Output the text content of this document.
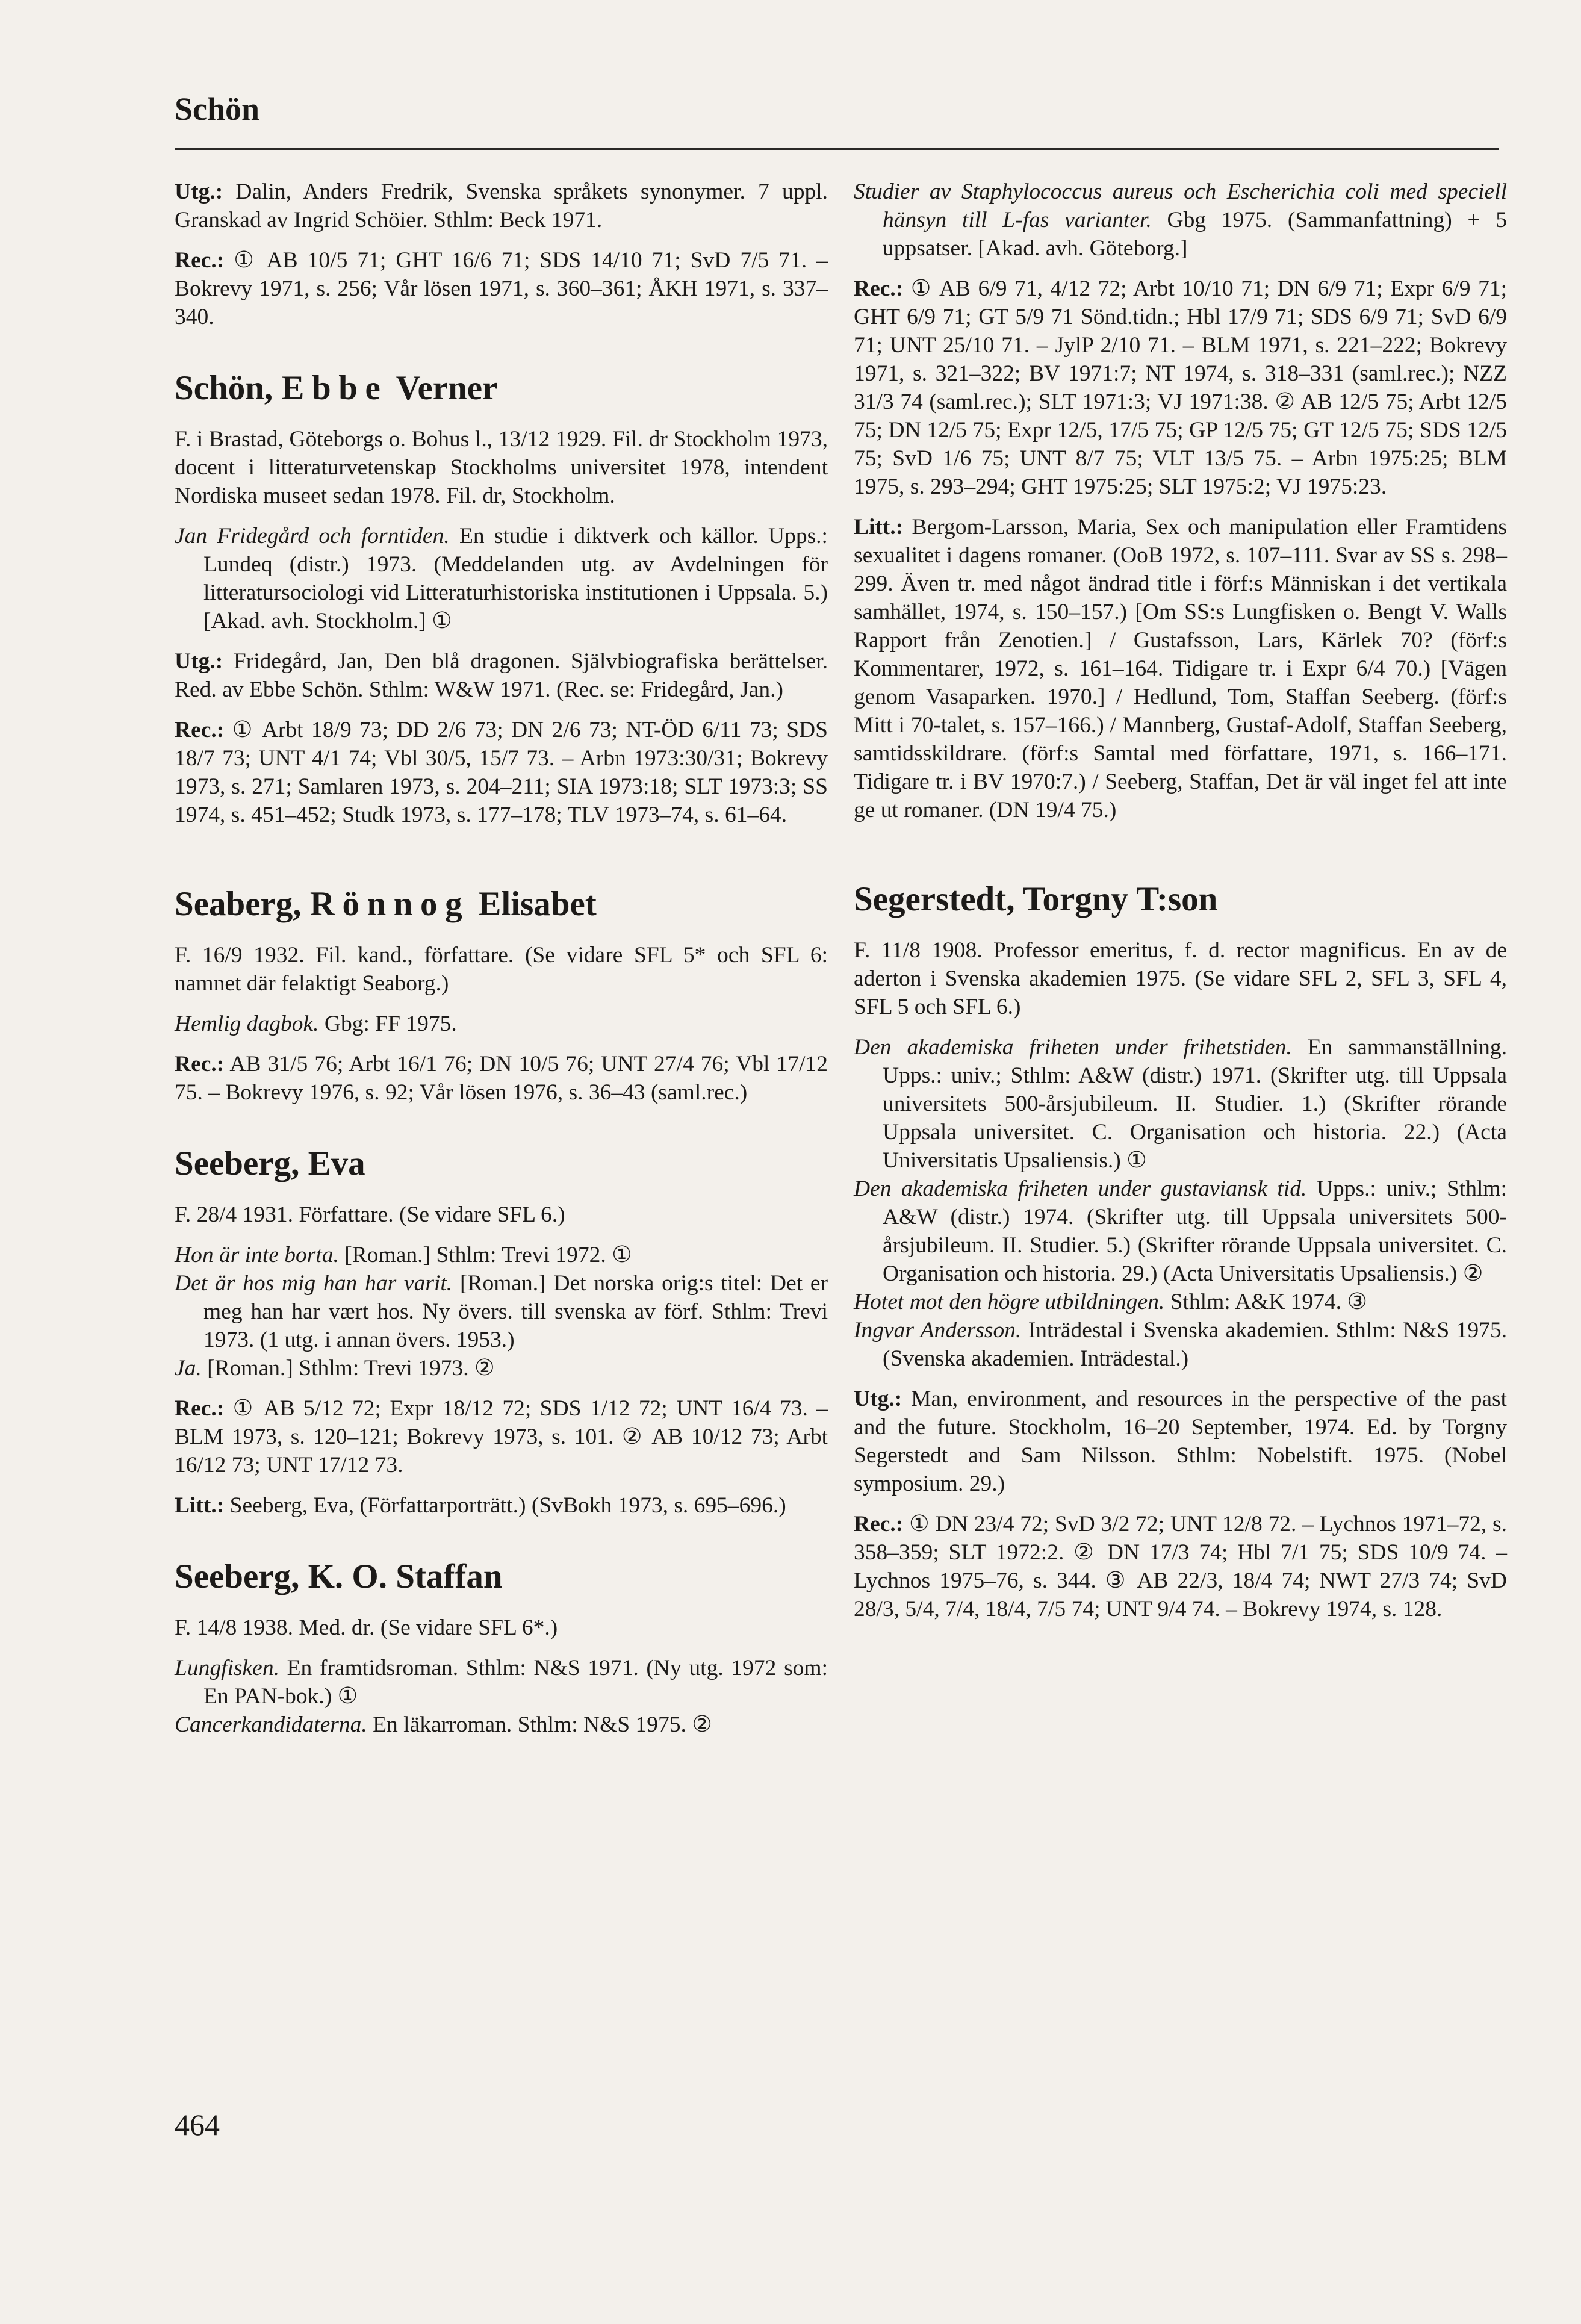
Schön

Utg.: Dalin, Anders Fredrik, Svenska språkets synonymer. 7 uppl. Granskad av Ingrid Schöier. Sthlm: Beck 1971.

Rec.: ① AB 10/5 71; GHT 16/6 71; SDS 14/10 71; SvD 7/5 71. – Bokrevy 1971, s. 256; Vår lösen 1971, s. 360–361; ÅKH 1971, s. 337–340.

Schön, Ebbe Verner

F. i Brastad, Göteborgs o. Bohus l., 13/12 1929. Fil. dr Stockholm 1973, docent i litteraturvetenskap Stockholms universitet 1978, intendent Nordiska museet sedan 1978. Fil. dr, Stockholm.

Jan Fridegård och forntiden. En studie i diktverk och källor. Upps.: Lundeq (distr.) 1973. (Meddelanden utg. av Avdelningen för litteratursociologi vid Litteraturhistoriska institutionen i Uppsala. 5.) [Akad. avh. Stockholm.] ①

Utg.: Fridegård, Jan, Den blå dragonen. Självbiografiska berättelser. Red. av Ebbe Schön. Sthlm: W&W 1971. (Rec. se: Fridegård, Jan.)

Rec.: ① Arbt 18/9 73; DD 2/6 73; DN 2/6 73; NT-ÖD 6/11 73; SDS 18/7 73; UNT 4/1 74; Vbl 30/5, 15/7 73. – Arbn 1973:30/31; Bokrevy 1973, s. 271; Samlaren 1973, s. 204–211; SIA 1973:18; SLT 1973:3; SS 1974, s. 451–452; Studk 1973, s. 177–178; TLV 1973–74, s. 61–64.

Seaberg, Rönnog Elisabet

F. 16/9 1932. Fil. kand., författare. (Se vidare SFL 5* och SFL 6: namnet där felaktigt Seaborg.)

Hemlig dagbok. Gbg: FF 1975.

Rec.: AB 31/5 76; Arbt 16/1 76; DN 10/5 76; UNT 27/4 76; Vbl 17/12 75. – Bokrevy 1976, s. 92; Vår lösen 1976, s. 36–43 (saml.rec.)

Seeberg, Eva

F. 28/4 1931. Författare. (Se vidare SFL 6.)

Hon är inte borta. [Roman.] Sthlm: Trevi 1972. ①

Det är hos mig han har varit. [Roman.] Det norska orig:s titel: Det er meg han har vært hos. Ny övers. till svenska av förf. Sthlm: Trevi 1973. (1 utg. i annan övers. 1953.)

Ja. [Roman.] Sthlm: Trevi 1973. ②

Rec.: ① AB 5/12 72; Expr 18/12 72; SDS 1/12 72; UNT 16/4 73. – BLM 1973, s. 120–121; Bokrevy 1973, s. 101. ② AB 10/12 73; Arbt 16/12 73; UNT 17/12 73.

Litt.: Seeberg, Eva, (Författarporträtt.) (SvBokh 1973, s. 695–696.)

Seeberg, K. O. Staffan

F. 14/8 1938. Med. dr. (Se vidare SFL 6*.)

Lungfisken. En framtidsroman. Sthlm: N&S 1971. (Ny utg. 1972 som: En PAN-bok.) ①

Cancerkandidaterna. En läkarroman. Sthlm: N&S 1975. ②

Studier av Staphylococcus aureus och Escherichia coli med speciell hänsyn till L-fas varianter. Gbg 1975. (Sammanfattning) + 5 uppsatser. [Akad. avh. Göteborg.]

Rec.: ① AB 6/9 71, 4/12 72; Arbt 10/10 71; DN 6/9 71; Expr 6/9 71; GHT 6/9 71; GT 5/9 71 Sönd.tidn.; Hbl 17/9 71; SDS 6/9 71; SvD 6/9 71; UNT 25/10 71. – JylP 2/10 71. – BLM 1971, s. 221–222; Bokrevy 1971, s. 321–322; BV 1971:7; NT 1974, s. 318–331 (saml.rec.); NZZ 31/3 74 (saml.rec.); SLT 1971:3; VJ 1971:38. ② AB 12/5 75; Arbt 12/5 75; DN 12/5 75; Expr 12/5, 17/5 75; GP 12/5 75; GT 12/5 75; SDS 12/5 75; SvD 1/6 75; UNT 8/7 75; VLT 13/5 75. – Arbn 1975:25; BLM 1975, s. 293–294; GHT 1975:25; SLT 1975:2; VJ 1975:23.

Litt.: Bergom-Larsson, Maria, Sex och manipulation eller Framtidens sexualitet i dagens romaner. (OoB 1972, s. 107–111. Svar av SS s. 298–299. Även tr. med något ändrad title i förf:s Människan i det vertikala samhället, 1974, s. 150–157.) [Om SS:s Lungfisken o. Bengt V. Walls Rapport från Zenotien.] / Gustafsson, Lars, Kärlek 70? (förf:s Kommentarer, 1972, s. 161–164. Tidigare tr. i Expr 6/4 70.) [Vägen genom Vasaparken. 1970.] / Hedlund, Tom, Staffan Seeberg. (förf:s Mitt i 70-talet, s. 157–166.) / Mannberg, Gustaf-Adolf, Staffan Seeberg, samtidsskildrare. (förf:s Samtal med författare, 1971, s. 166–171. Tidigare tr. i BV 1970:7.) / Seeberg, Staffan, Det är väl inget fel att inte ge ut romaner. (DN 19/4 75.)

Segerstedt, Torgny T:son

F. 11/8 1908. Professor emeritus, f. d. rector magnificus. En av de aderton i Svenska akademien 1975. (Se vidare SFL 2, SFL 3, SFL 4, SFL 5 och SFL 6.)

Den akademiska friheten under frihetstiden. En sammanställning. Upps.: univ.; Sthlm: A&W (distr.) 1971. (Skrifter utg. till Uppsala universitets 500-årsjubileum. II. Studier. 1.) (Skrifter rörande Uppsala universitet. C. Organisation och historia. 22.) (Acta Universitatis Upsaliensis.) ①

Den akademiska friheten under gustaviansk tid. Upps.: univ.; Sthlm: A&W (distr.) 1974. (Skrifter utg. till Uppsala universitets 500-årsjubileum. II. Studier. 5.) (Skrifter rörande Uppsala universitet. C. Organisation och historia. 29.) (Acta Universitatis Upsaliensis.) ②

Hotet mot den högre utbildningen. Sthlm: A&K 1974. ③

Ingvar Andersson. Inträdestal i Svenska akademien. Sthlm: N&S 1975. (Svenska akademien. Inträdestal.)

Utg.: Man, environment, and resources in the perspective of the past and the future. Stockholm, 16–20 September, 1974. Ed. by Torgny Segerstedt and Sam Nilsson. Sthlm: Nobelstift. 1975. (Nobel symposium. 29.)

Rec.: ① DN 23/4 72; SvD 3/2 72; UNT 12/8 72. – Lychnos 1971–72, s. 358–359; SLT 1972:2. ② DN 17/3 74; Hbl 7/1 75; SDS 10/9 74. – Lychnos 1975–76, s. 344. ③ AB 22/3, 18/4 74; NWT 27/3 74; SvD 28/3, 5/4, 7/4, 18/4, 7/5 74; UNT 9/4 74. – Bokrevy 1974, s. 128.

464
